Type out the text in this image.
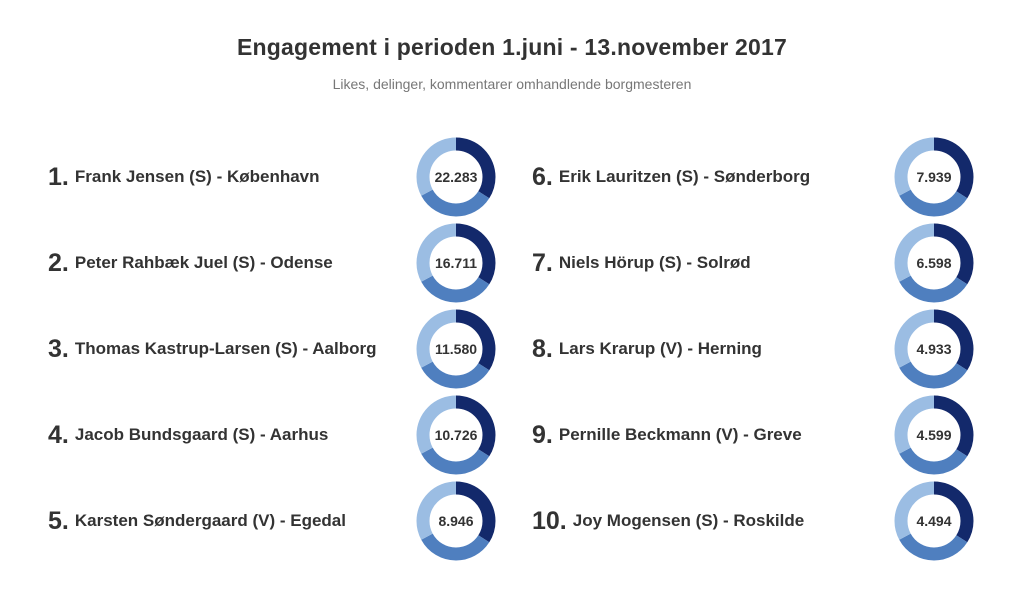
Engagement i perioden 1.juni - 13.november 2017
Likes, delinger, kommentarer omhandlende borgmesteren
1. Frank Jensen (S) - København	22.283
2. Peter Rahbæk Juel (S) - Odense	16.711
3. Thomas Kastrup-Larsen (S) - Aalborg	11.580
4. Jacob Bundsgaard (S) - Aarhus	10.726
5. Karsten Søndergaard (V) - Egedal	8.946
6. Erik Lauritzen (S) - Sønderborg	7.939
7. Niels Hörup (S) - Solrød	6.598
8. Lars Krarup (V) - Herning	4.933
9. Pernille Beckmann (V) - Greve	4.599
10. Joy Mogensen (S) - Roskilde	4.494
